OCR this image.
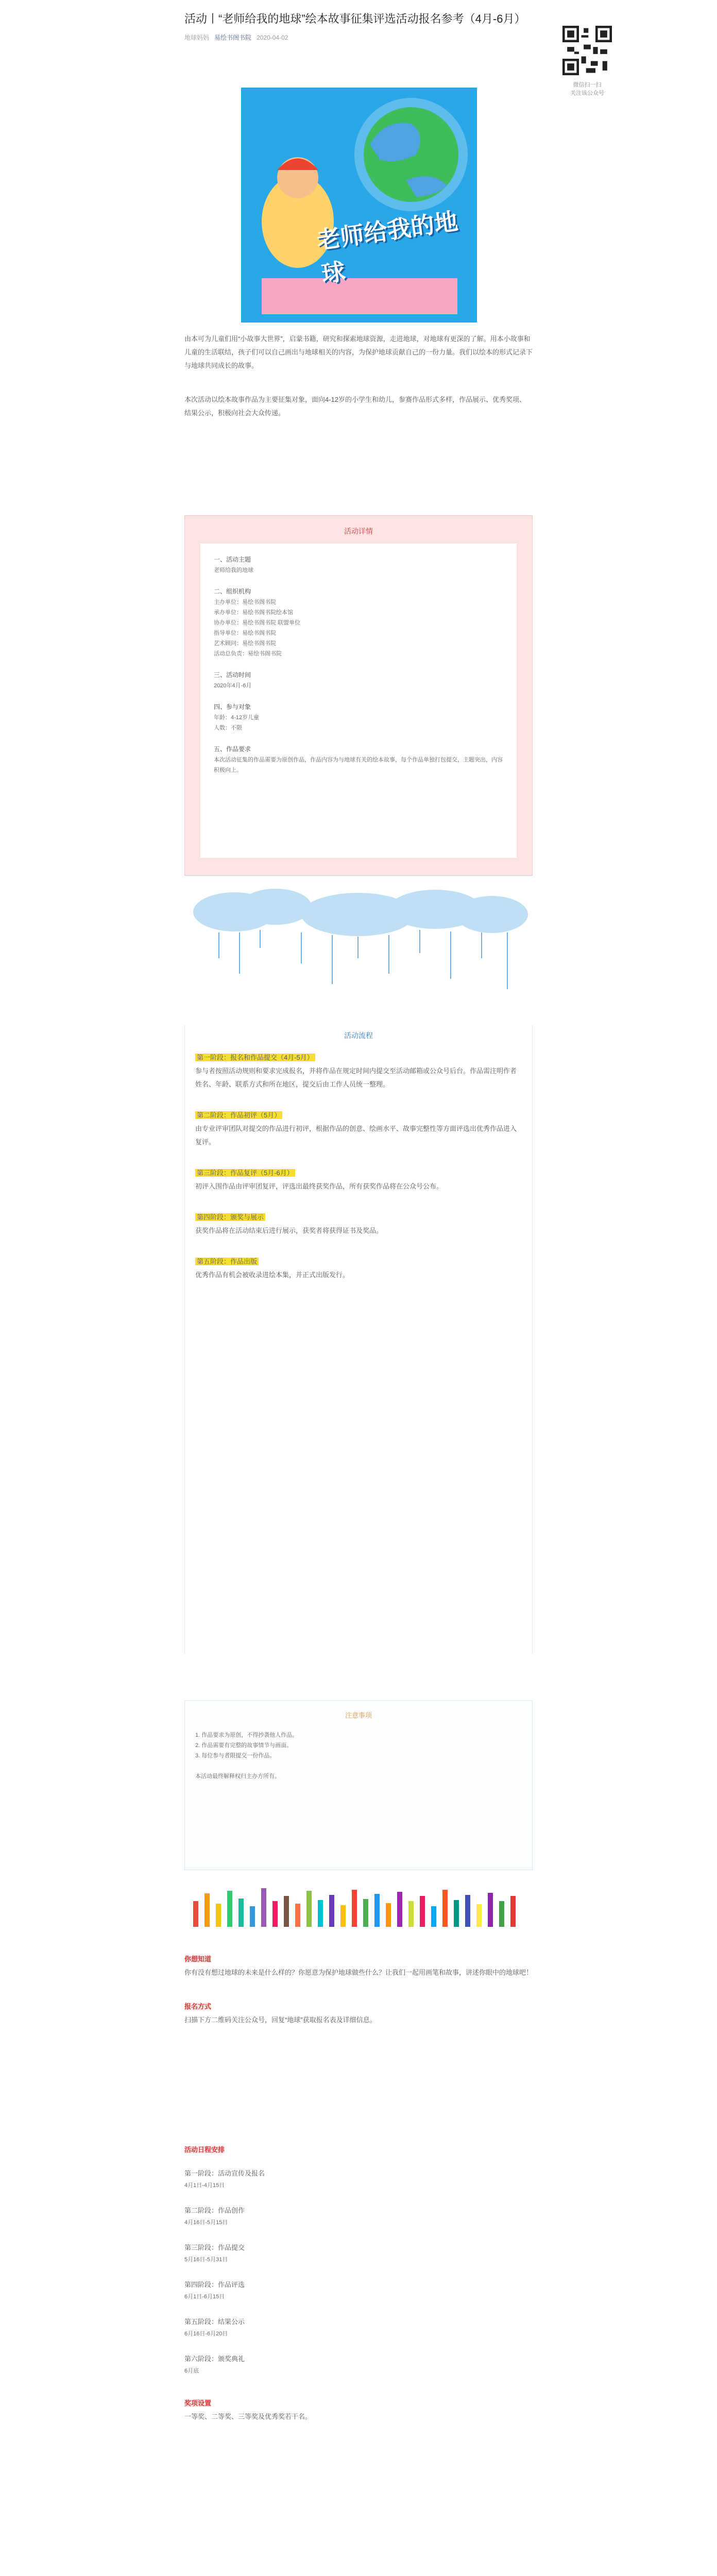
微信扫一扫
关注该公众号
活动丨“老师给我的地球”绘本故事征集评选活动报名参考（4月-6月）
地球妈妈 易绘书阁书院 2020-04-02
老师给我的地球

由本可为儿童们用“小故事大世界”，启蒙书籍，研究和探索地球资源，走进地球，对地球有更深的了解。用本小故事和儿童的生活联结，孩子们可以自己画出与地球相关的内容，为保护地球贡献自己的一份力量。我们以绘本的形式记录下与地球共同成长的故事。

本次活动以绘本故事作品为主要征集对象，面向4-12岁的小学生和幼儿，参赛作品形式多样，作品展示、优秀奖项、结果公示，积极向社会大众传递。

活动详情
一、活动主题
老师给我的地球
二、组织机构
主办单位：易绘书阁书院
承办单位：易绘书阁书院绘本馆
协办单位：易绘书阁书院 联盟单位
指导单位：易绘书阁书院
艺术顾问：易绘书阁书院
活动总负责：易绘书阁书院
三、活动时间
2020年4月-6月
四、参与对象
年龄：4-12岁儿童
人数：不限
五、作品要求
本次活动征集的作品需要为原创作品，作品内容为与地球有关的绘本故事，每个作品单独打包提交，主题突出，内容积极向上。
活动流程
第一阶段：报名和作品提交（4月-5月）

参与者按照活动规则和要求完成报名，并将作品在规定时间内提交至活动邮箱或公众号后台。作品需注明作者姓名、年龄、联系方式和所在地区，提交后由工作人员统一整理。

第二阶段：作品初评（5月）

由专业评审团队对提交的作品进行初评，根据作品的创意、绘画水平、故事完整性等方面评选出优秀作品进入复评。

第三阶段：作品复评（5月-6月）

初评入围作品由评审团复评，评选出最终获奖作品，所有获奖作品将在公众号公布。

第四阶段：颁奖与展示

获奖作品将在活动结束后进行展示，获奖者将获得证书及奖品。

第五阶段：作品出版

优秀作品有机会被收录进绘本集，并正式出版发行。

注意事项
1. 作品要求为原创，不得抄袭他人作品。
2. 作品需要有完整的故事情节与画面。
3. 每位参与者限提交一份作品。
本活动最终解释权归主办方所有。
你想知道

你有没有想过地球的未来是什么样的？你愿意为保护地球做些什么？让我们一起用画笔和故事，讲述你眼中的地球吧！

报名方式

扫描下方二维码关注公众号，回复“地球”获取报名表及详细信息。

活动日程安排
第一阶段：活动宣传及报名
4月1日-4月15日
第二阶段：作品创作
4月16日-5月15日
第三阶段：作品提交
5月16日-5月31日
第四阶段：作品评选
6月1日-6月15日
第五阶段：结果公示
6月16日-6月20日
第六阶段：颁奖典礼
6月底
奖项设置

一等奖、二等奖、三等奖及优秀奖若干名。
